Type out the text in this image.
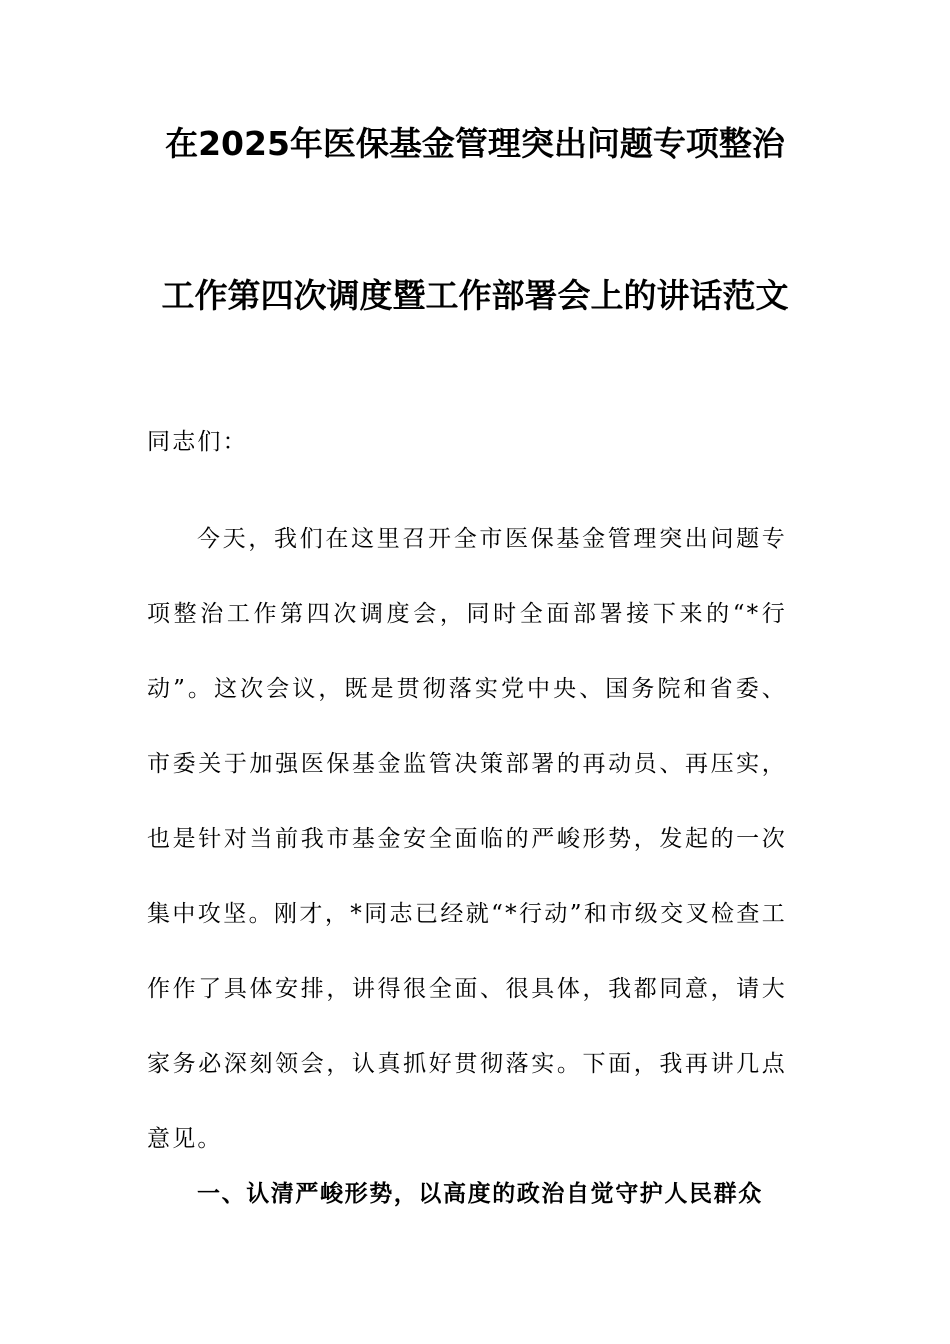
在2025年医保基金管理突出问题专项整治
工作第四次调度暨工作部署会上的讲话范文
同志们：
今天，我们在这里召开全市医保基金管理突出问题专项整治工作第四次调度会，同时全面部署接下来的“*行动”。这次会议，既是贯彻落实党中央、国务院和省委、市委关于加强医保基金监管决策部署的再动员、再压实，也是针对当前我市基金安全面临的严峻形势，发起的一次集中攻坚。刚才，*同志已经就“*行动”和市级交叉检查工作作了具体安排，讲得很全面、很具体，我都同意，请大家务必深刻领会，认真抓好贯彻落实。下面，我再讲几点意见。
一、认清严峻形势，以高度的政治自觉守护人民群众
